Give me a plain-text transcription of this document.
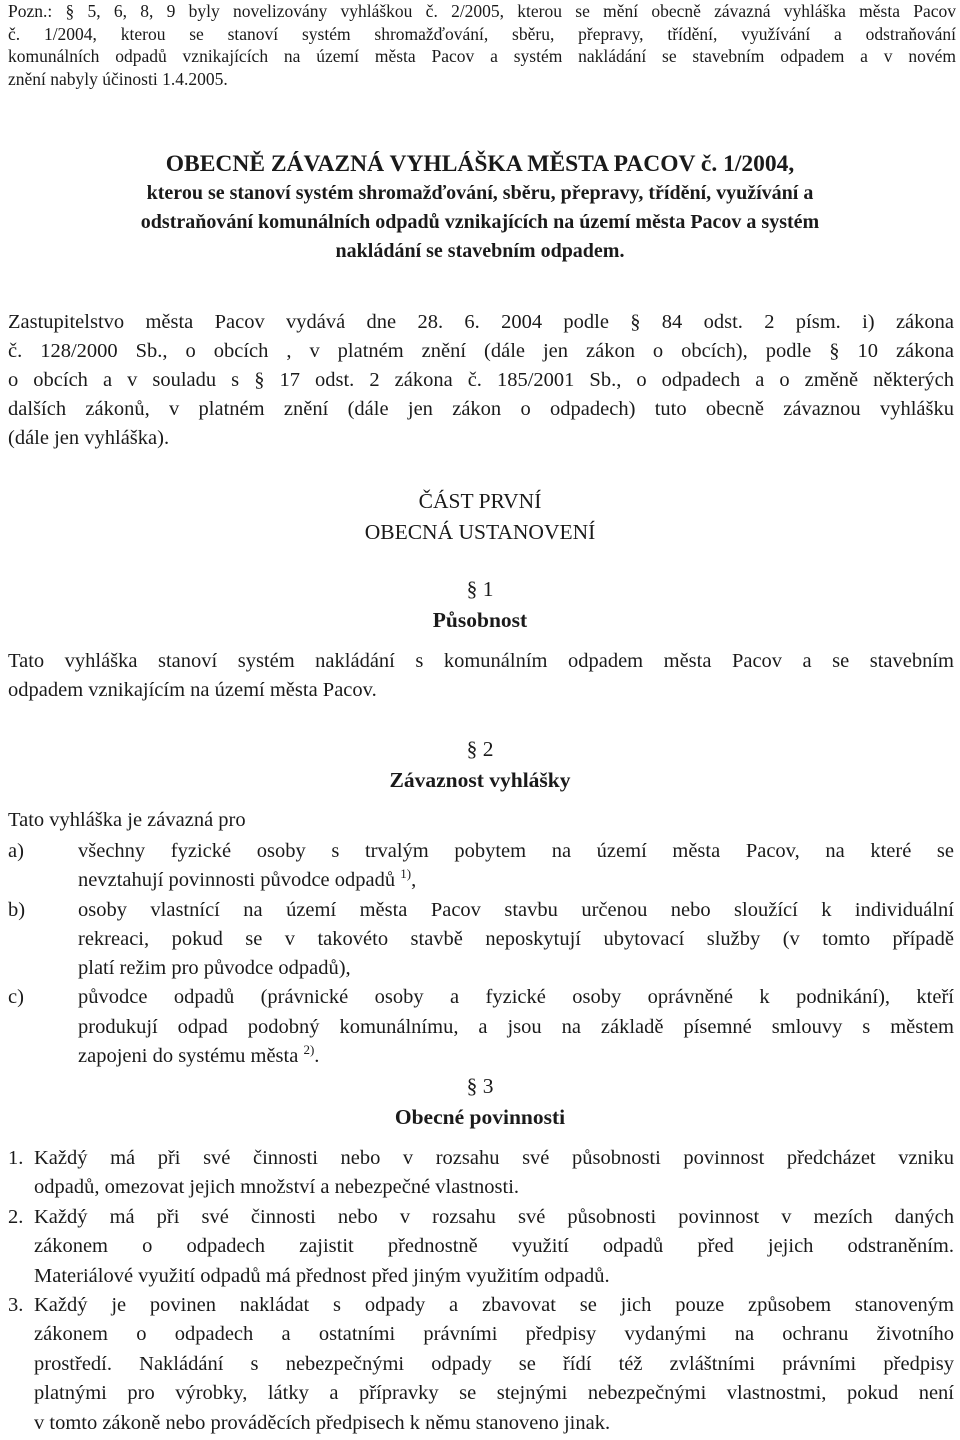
Pozn.: § 5, 6, 8, 9 byly novelizovány vyhláškou č. 2/2005, kterou se mění obecně závazná vyhláška města Pacov
č. 1/2004, kterou se stanoví systém shromažďování, sběru, přepravy, třídění, využívání a odstraňování
komunálních odpadů vznikajících na území města Pacov a systém nakládání se stavebním odpadem a v novém
znění nabyly účinosti 1.4.2005.
OBECNĚ ZÁVAZNÁ VYHLÁŠKA MĚSTA PACOV č. 1/2004,
kterou se stanoví systém shromažďování, sběru, přepravy, třídění, využívání a
odstraňování komunálních odpadů vznikajících na území města Pacov a systém
nakládání se stavebním odpadem.
Zastupitelstvo města Pacov vydává dne 28. 6. 2004 podle § 84 odst. 2 písm. i) zákona
č. 128/2000 Sb., o obcích , v platném znění (dále jen zákon o obcích), podle § 10 zákona
o obcích a v souladu s § 17 odst. 2 zákona č. 185/2001 Sb., o odpadech a o změně některých
dalších zákonů, v platném znění (dále jen zákon o odpadech) tuto obecně závaznou vyhlášku
(dále jen vyhláška).
ČÁST PRVNÍ
OBECNÁ USTANOVENÍ
§ 1
Působnost
Tato vyhláška stanoví systém nakládání s komunálním odpadem města Pacov a se stavebním
odpadem vznikajícím na území města Pacov.
§ 2
Závaznost vyhlášky
Tato vyhláška je závazná pro
a)	všechny fyzické osoby s trvalým pobytem na území města Pacov, na které se
nevztahují povinnosti původce odpadů $^{1)}$,
b)	osoby vlastnící na území města Pacov stavbu určenou nebo sloužící k individuální
rekreaci, pokud se v takovéto stavbě neposkytují ubytovací služby (v tomto případě
platí režim pro původce odpadů),
c)	původce odpadů (právnické osoby a fyzické osoby oprávněné k podnikání), kteří
produkují odpad podobný komunálnímu, a jsou na základě písemné smlouvy s městem
zapojeni do systému města $^{2)}$.
§ 3
Obecné povinnosti
1. Každý má při své činnosti nebo v rozsahu své působnosti povinnost předcházet vzniku
odpadů, omezovat jejich množství a nebezpečné vlastnosti.
2. Každý má při své činnosti nebo v rozsahu své působnosti povinnost v mezích daných
zákonem o odpadech zajistit přednostně využití odpadů před jejich odstraněním.
Materiálové využití odpadů má přednost před jiným využitím odpadů.
3. Každý je povinen nakládat s odpady a zbavovat se jich pouze způsobem stanoveným
zákonem o odpadech a ostatními právními předpisy vydanými na ochranu životního
prostředí. Nakládání s nebezpečnými odpady se řídí též zvláštními právními předpisy
platnými pro výrobky, látky a přípravky se stejnými nebezpečnými vlastnostmi, pokud není
v tomto zákoně nebo prováděcích předpisech k němu stanoveno jinak.
